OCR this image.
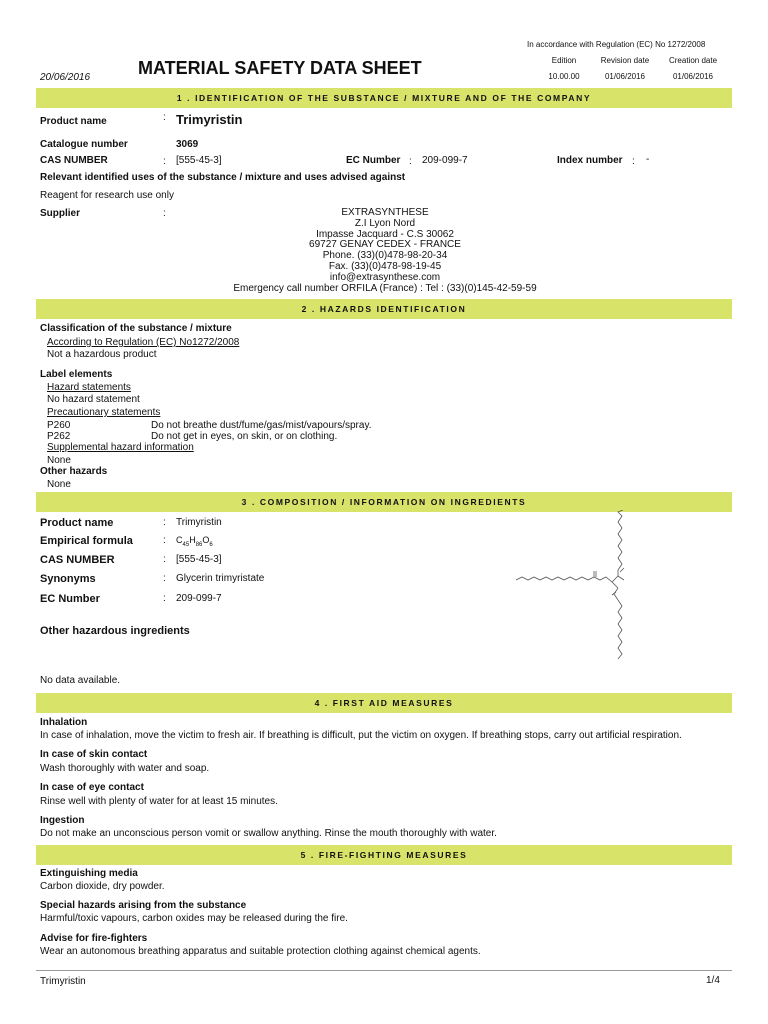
In accordance with Regulation (EC) No 1272/2008
Edition	Revision date	Creation date
10.00.00	01/06/2016	01/06/2016
20/06/2016	MATERIAL SAFETY DATA SHEET
1 . IDENTIFICATION OF THE SUBSTANCE / MIXTURE AND OF THE COMPANY
Product name	: Trimyristin
Catalogue number	3069
CAS NUMBER	: [555-45-3]	EC Number : 209-099-7	Index number : -
Relevant identified uses of the substance / mixture and uses advised against
Reagent for research use only
Supplier	:	EXTRASYNTHESE
Z.I Lyon Nord
Impasse Jacquard - C.S 30062
69727 GENAY CEDEX - FRANCE
Phone. (33)(0)478-98-20-34
Fax. (33)(0)478-98-19-45
info@extrasynthese.com
Emergency call number ORFILA (France) : Tel : (33)(0)145-42-59-59
2 . HAZARDS IDENTIFICATION
Classification of the substance / mixture
According to Regulation (EC) No1272/2008
Not a hazardous product
Label elements
Hazard statements
No hazard statement
Precautionary statements
P260	Do not breathe dust/fume/gas/mist/vapours/spray.
P262	Do not get in eyes, on skin, or on clothing.
Supplemental hazard information
None
Other hazards
None
3 . COMPOSITION / INFORMATION ON INGREDIENTS
Product name	: Trimyristin
Empirical formula	: $C_{45}H_{86}O_6$
CAS NUMBER	: [555-45-3]
Synonyms	: Glycerin trimyristate
EC Number	: 209-099-7
Other hazardous ingredients
No data available.
4 . FIRST AID MEASURES
Inhalation
In case of inhalation, move the victim to fresh air. If breathing is difficult, put the victim on oxygen. If breathing stops, carry out artificial respiration.
In case of skin contact
Wash thoroughly with water and soap.
In case of eye contact
Rinse well with plenty of water for at least 15 minutes.
Ingestion
Do not make an unconscious person vomit or swallow anything. Rinse the mouth thoroughly with water.
5 . FIRE-FIGHTING MEASURES
Extinguishing media
Carbon dioxide, dry powder.
Special hazards arising from the substance
Harmful/toxic vapours, carbon oxides may be released during the fire.
Advise for fire-fighters
Wear an autonomous breathing apparatus and suitable protection clothing against chemical agents.
Trimyristin	1/4
